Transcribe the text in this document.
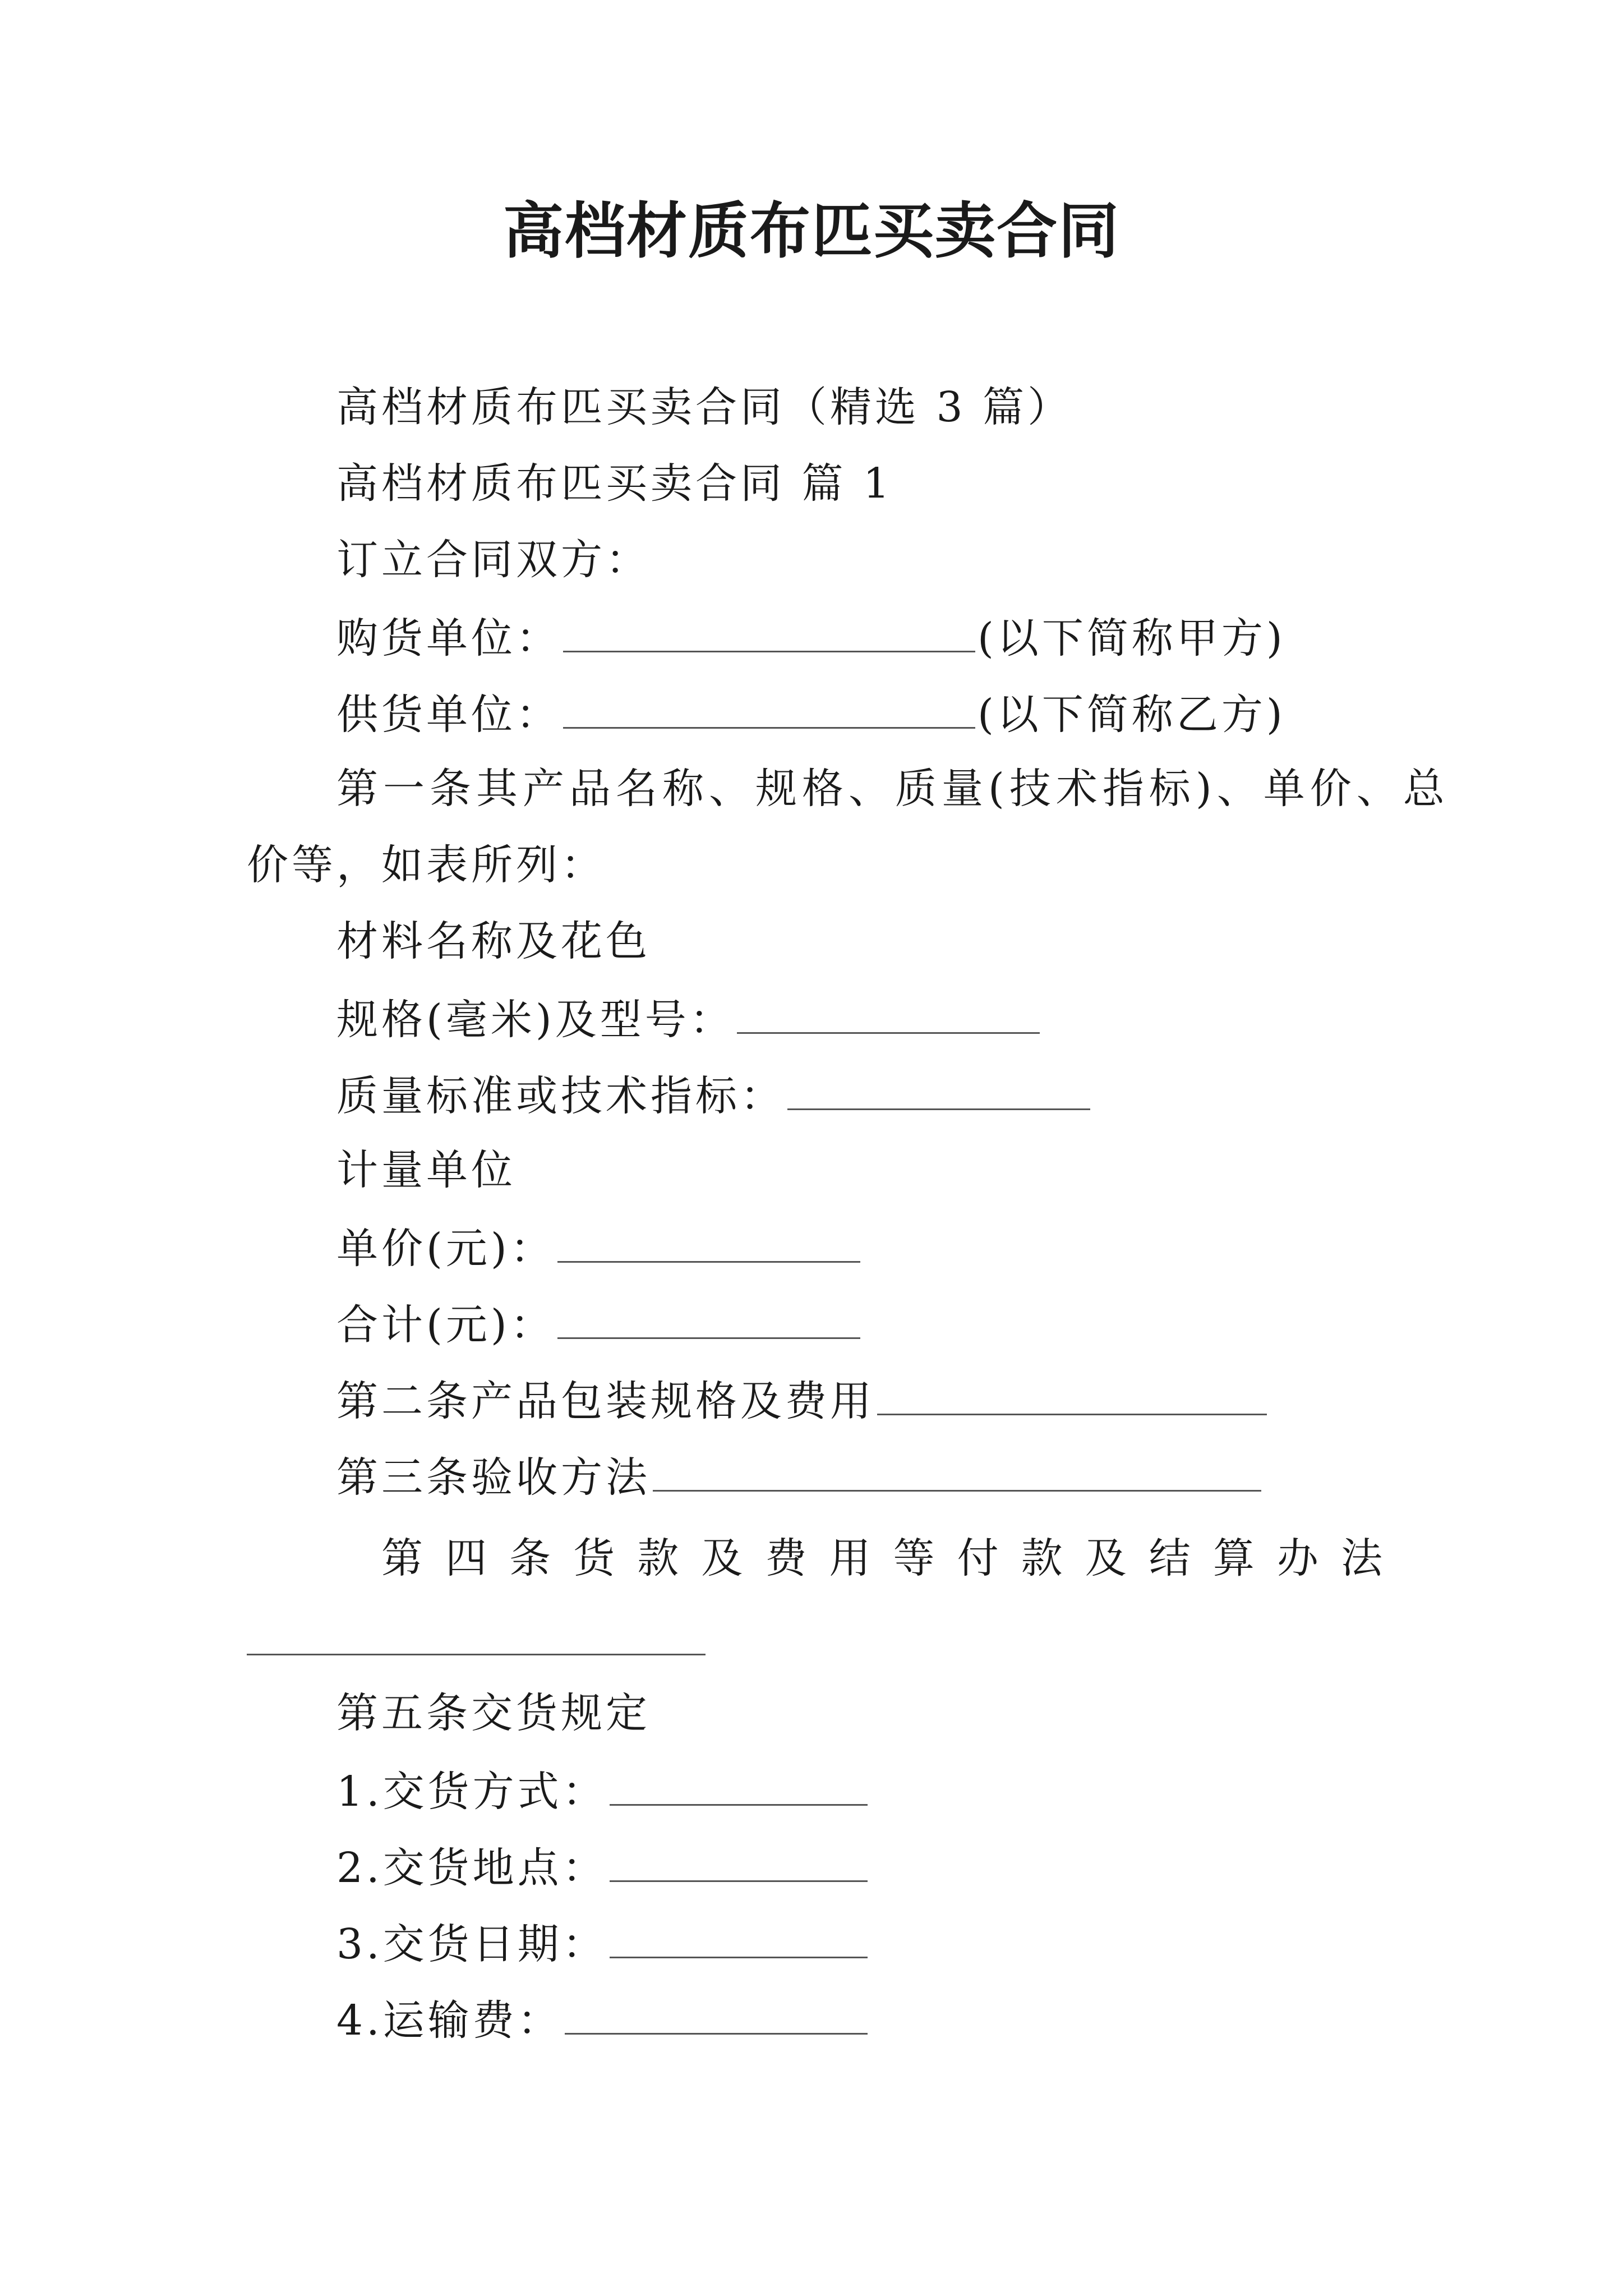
高档材质布匹买卖合同
高档材质布匹买卖合同（精选 3 篇）
高档材质布匹买卖合同 篇 1
订立合同双方：
购货单位：	(以下简称甲方)
供货单位：	(以下简称乙方)
第一条其产品名称、规格、质量(技术指标)、单价、总
价等，如表所列：
材料名称及花色
规格(毫米)及型号：
质量标准或技术指标：
计量单位
单价(元)：
合计(元)：
第二条产品包装规格及费用
第三条验收方法
第四条货款及费用等付款及结算办法
第五条交货规定
1.交货方式：
2.交货地点：
3.交货日期：
4.运输费：
